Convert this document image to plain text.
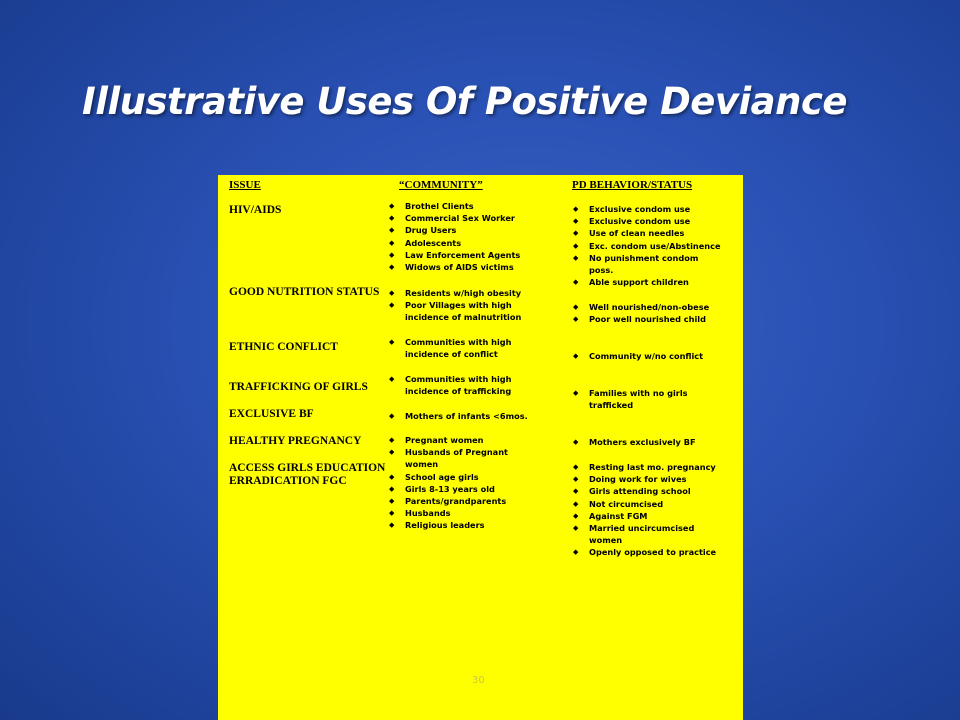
Illustrative Uses Of Positive Deviance
ISSUE	“COMMUNITY”	PD BEHAVIOR/STATUS
HIV/AIDS
GOOD NUTRITION STATUS
ETHNIC CONFLICT
TRAFFICKING OF GIRLS
EXCLUSIVE BF
HEALTHY PREGNANCY
ACCESS GIRLS EDUCATION
ERRADICATION FGC
◆ Brothel Clients
◆ Commercial Sex Worker
◆ Drug Users
◆ Adolescents
◆ Law Enforcement Agents
◆ Widows of AIDS victims
◆ Residents w/high obesity
◆ Poor Villages with high
incidence of malnutrition
◆ Communities with high
incidence of conflict
◆ Communities with high
incidence of trafficking
◆ Mothers of infants <6mos.
◆ Pregnant women
◆ Husbands of Pregnant
women
◆ School age girls
◆ Girls 8-13 years old
◆ Parents/grandparents
◆ Husbands
◆ Religious leaders
◆ Exclusive condom use
◆ Exclusive condom use
◆ Use of clean needles
◆ Exc. condom use/Abstinence
◆ No punishment condom
poss.
◆ Able support children
◆ Well nourished/non-obese
◆ Poor well nourished child
◆ Community w/no conflict
◆ Families with no girls
trafficked
◆ Mothers exclusively BF
◆ Resting last mo. pregnancy
◆ Doing work for wives
◆ Girls attending school
◆ Not circumcised
◆ Against FGM
◆ Married uncircumcised
women
◆ Openly opposed to practice
30
